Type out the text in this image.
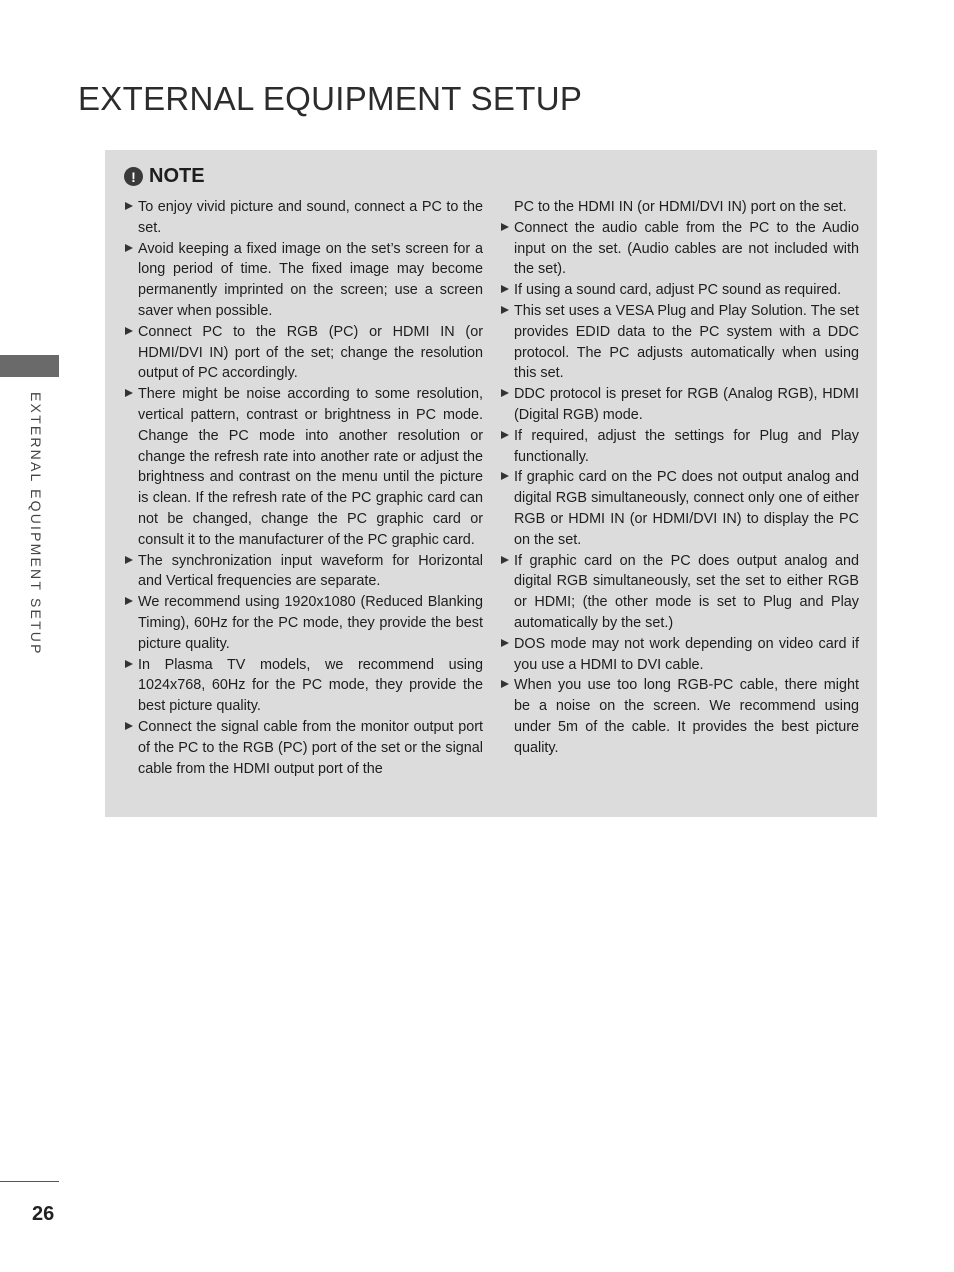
EXTERNAL EQUIPMENT SETUP
EXTERNAL EQUIPMENT SETUP
26
! NOTE
To enjoy vivid picture and sound, connect a PC to the set.
Avoid keeping a fixed image on the set’s screen for a long period of time. The fixed image may become permanently imprinted on the screen; use a screen saver when possible.
Connect PC to the RGB (PC) or HDMI IN (or HDMI/DVI IN) port of the set; change the resolution output of PC accordingly.
There might be noise according to some resolution, vertical pattern, contrast or brightness in PC mode. Change the PC mode into another resolution or change the refresh rate into another rate or adjust the brightness and contrast on the menu until the picture is clean. If the refresh rate of the PC graphic card can not be changed, change the PC graphic card or consult it to the manufacturer of the PC graphic card.
The synchronization input waveform for Horizontal and Vertical frequencies are separate.
We recommend using 1920x1080 (Reduced Blanking Timing), 60Hz for the PC mode, they provide the best picture quality.
In Plasma TV models, we recommend using 1024x768, 60Hz for the PC mode, they provide the best picture quality.
Connect the signal cable from the monitor output port of the PC to the RGB (PC) port of the set or the signal cable from the HDMI output port of the
PC to the HDMI IN (or HDMI/DVI IN) port on the set.
Connect the audio cable from the PC to the Audio input on the set. (Audio cables are not included with the set).
If using a sound card, adjust PC sound as required.
This set uses a VESA Plug and Play Solution. The set provides EDID data to the PC system with a DDC protocol. The PC adjusts automatically when using this set.
DDC protocol is preset for RGB (Analog RGB), HDMI (Digital RGB) mode.
If required, adjust the settings for Plug and Play functionally.
If graphic card on the PC does not output analog and digital RGB simultaneously, connect only one of either RGB or HDMI IN (or HDMI/DVI IN) to display the PC on the set.
If graphic card on the PC does output analog and digital RGB simultaneously, set the set to either RGB or HDMI; (the other mode is set to Plug and Play automatically by the set.)
DOS mode may not work depending on video card if you use a HDMI to DVI cable.
When you use too long RGB-PC cable, there might be a noise on the screen. We recommend using under 5m of the cable. It provides the best picture quality.
